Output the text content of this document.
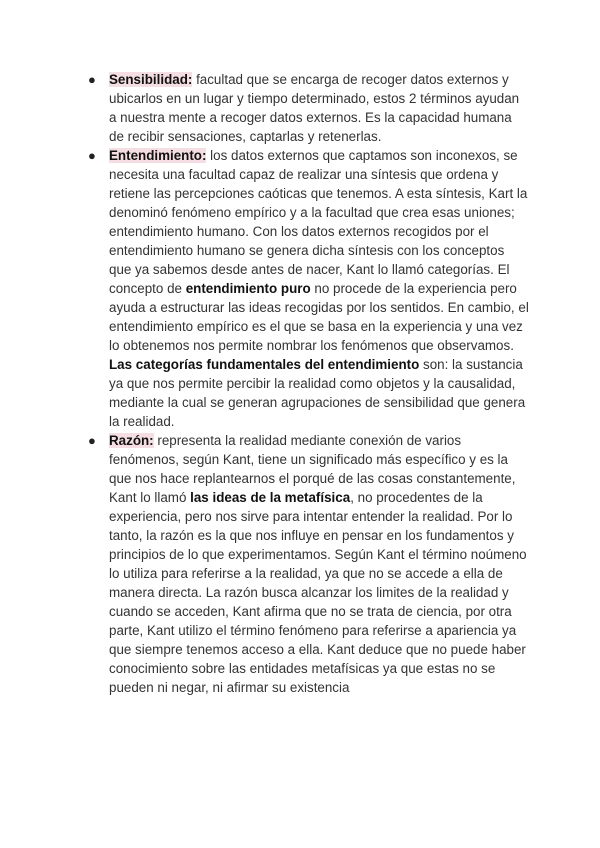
● Sensibilidad: facultad que se encarga de recoger datos externos y ubicarlos en un lugar y tiempo determinado, estos 2 términos ayudan a nuestra mente a recoger datos externos. Es la capacidad humana de recibir sensaciones, captarlas y retenerlas.
● Entendimiento: los datos externos que captamos son inconexos, se necesita una facultad capaz de realizar una síntesis que ordena y retiene las percepciones caóticas que tenemos. A esta síntesis, Kart la denominó fenómeno empírico y a la facultad que crea esas uniones; entendimiento humano. Con los datos externos recogidos por el entendimiento humano se genera dicha síntesis con los conceptos que ya sabemos desde antes de nacer, Kant lo llamó categorías. El concepto de entendimiento puro no procede de la experiencia pero ayuda a estructurar las ideas recogidas por los sentidos. En cambio, el entendimiento empírico es el que se basa en la experiencia y una vez lo obtenemos nos permite nombrar los fenómenos que observamos. Las categorías fundamentales del entendimiento son: la sustancia ya que nos permite percibir la realidad como objetos y la causalidad, mediante la cual se generan agrupaciones de sensibilidad que genera la realidad.
● Razón: representa la realidad mediante conexión de varios fenómenos, según Kant, tiene un significado más específico y es la que nos hace replantearnos el porqué de las cosas constantemente, Kant lo llamó las ideas de la metafísica, no procedentes de la experiencia, pero nos sirve para intentar entender la realidad. Por lo tanto, la razón es la que nos influye en pensar en los fundamentos y principios de lo que experimentamos. Según Kant el término noúmeno lo utiliza para referirse a la realidad, ya que no se accede a ella de manera directa. La razón busca alcanzar los limites de la realidad y cuando se acceden, Kant afirma que no se trata de ciencia, por otra parte, Kant utilizo el término fenómeno para referirse a apariencia ya que siempre tenemos acceso a ella. Kant deduce que no puede haber conocimiento sobre las entidades metafísicas ya que estas no se pueden ni negar, ni afirmar su existencia
